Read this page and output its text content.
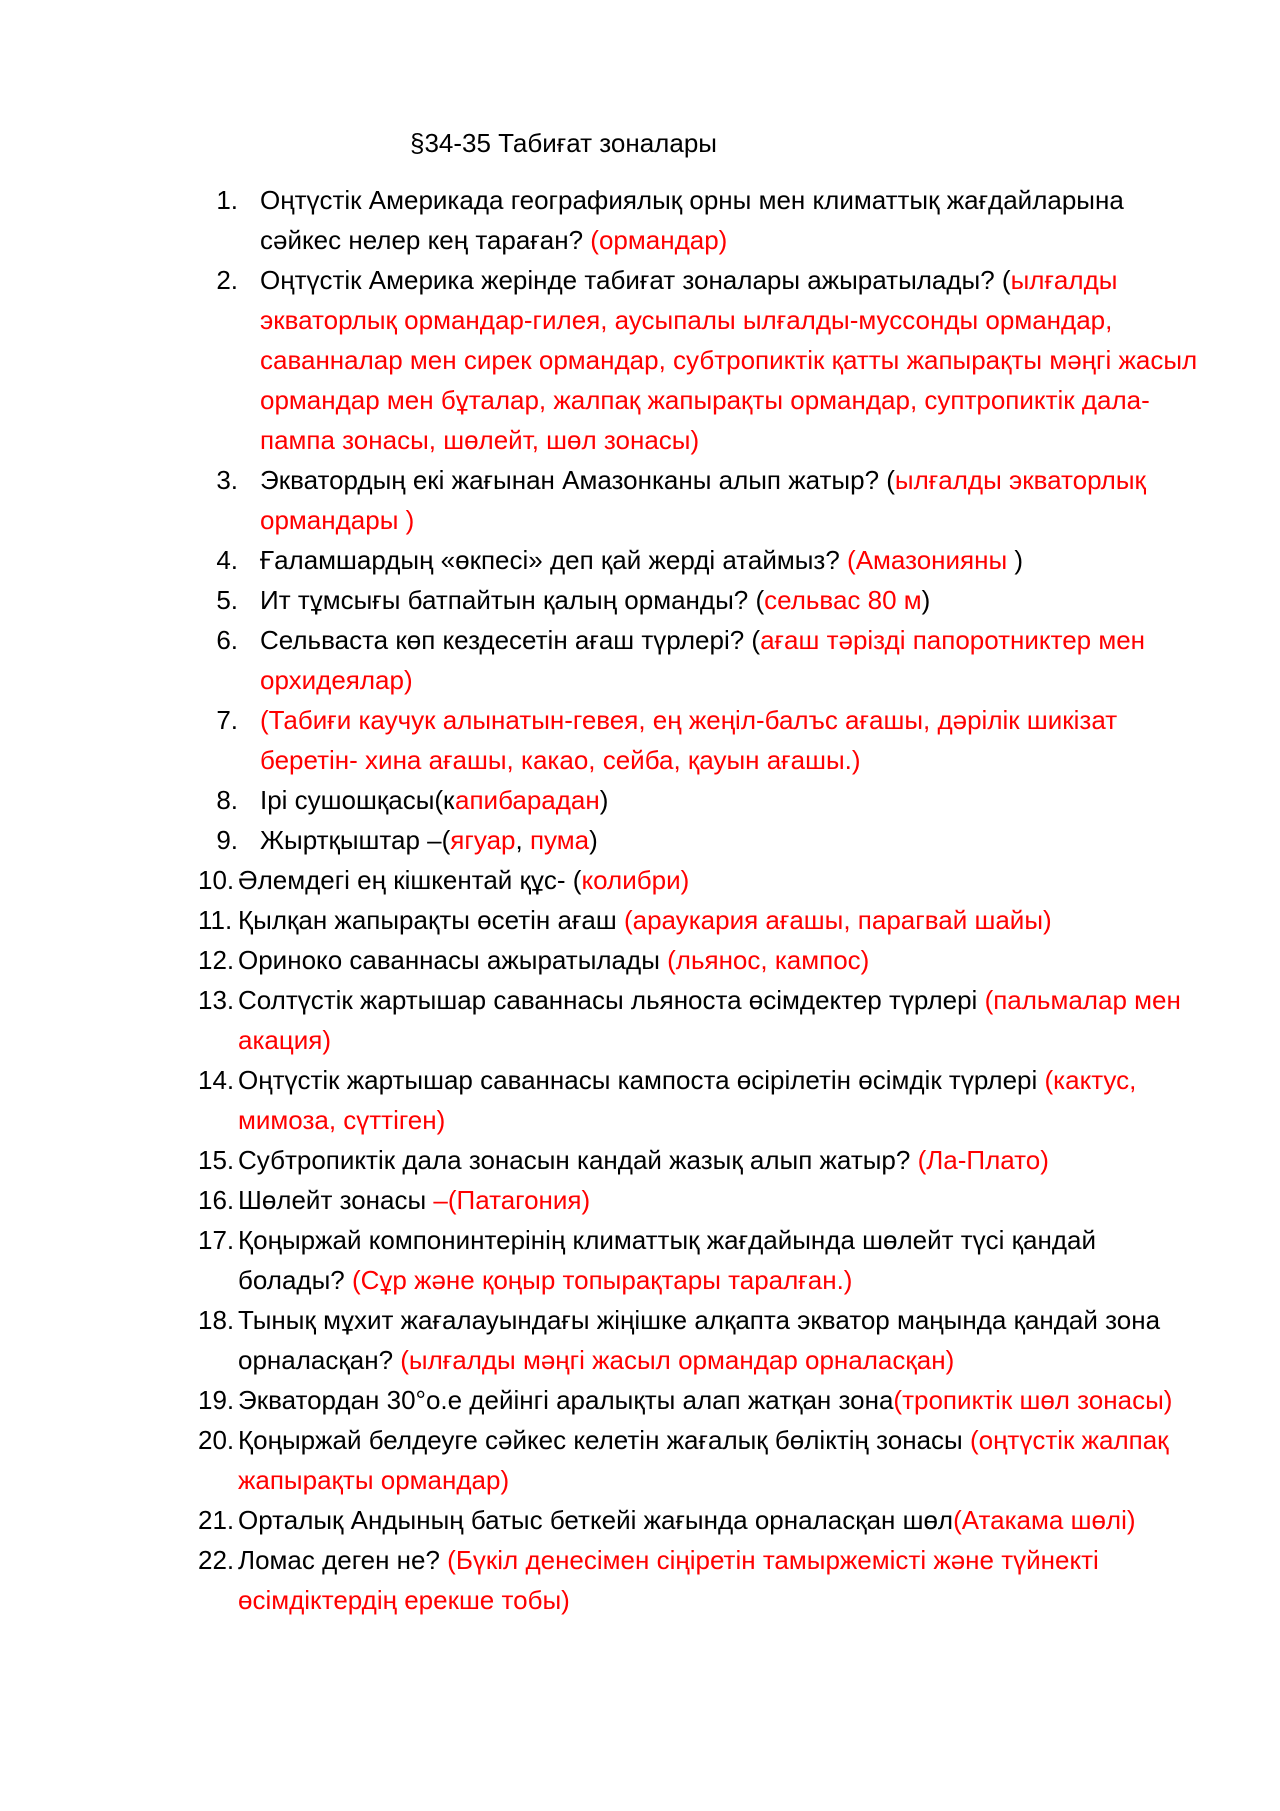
§34-35 Табиғат зоналары
1. Оңтүстік Америкада географиялық орны мен климаттық жағдайларына сәйкес нелер кең тараған? (ормандар)
2. Оңтүстік Америка жерінде табиғат зоналары ажыратылады? (ылғалды экваторлық ормандар-гилея, аусыпалы ылғалды-муссонды ормандар, саванналар мен сирек ормандар, субтропиктік қатты жапырақты мәңгі жасыл ормандар мен бұталар, жалпақ жапырақты ормандар, суптропиктік дала-пампа зонасы, шөлейт, шөл зонасы)
3. Экватордың екі жағынан Амазонканы алып жатыр? (ылғалды экваторлық ормандары )
4. Ғаламшардың «өкпесі» деп қай жерді атаймыз? (Амазонияны )
5. Ит тұмсығы батпайтын қалың орманды? (сельвас 80 м)
6. Сельваста көп кездесетін ағаш түрлері? (ағаш тәрізді папоротниктер мен орхидеялар)
7. (Табиғи каучук алынатын-гевея, ең жеңіл-балъс ағашы, дәрілік шикізат беретін- хина ағашы, какао, сейба, қауын ағашы.)
8. Ірі сушошқасы(капибарадан)
9. Жыртқыштар –(ягуар, пума)
10. Әлемдегі ең кішкентай құс- (колибри)
11. Қылқан жапырақты өсетін ағаш (араукария ағашы, парагвай шайы)
12. Ориноко саваннасы ажыратылады (льянос, кампос)
13. Солтүстік жартышар саваннасы льяноста өсімдектер түрлері (пальмалар мен акация)
14. Оңтүстік жартышар саваннасы кампоста өсірілетін өсімдік түрлері (кактус, мимоза, сүттіген)
15. Субтропиктік дала зонасын кандай жазық алып жатыр? (Ла-Плато)
16. Шөлейт зонасы –(Патагония)
17. Қоңыржай компонинтерінің климаттық жағдайында шөлейт түсі қандай болады? (Сұр және қоңыр топырақтары таралған.)
18. Тынық мұхит жағалауындағы жіңішке алқапта экватор маңында қандай зона орналасқан? (ылғалды мәңгі жасыл ормандар орналасқан)
19. Экватордан 30°о.е дейінгі аралықты алап жатқан зона(тропиктік шөл зонасы)
20. Қоңыржай белдеуге сәйкес келетін жағалық бөліктің зонасы (оңтүстік жалпақ жапырақты ормандар)
21. Орталық Андының батыс беткейі жағында орналасқан шөл(Атакама шөлі)
22. Ломас деген не? (Бүкіл денесімен сіңіретін тамыржемісті және түйнекті өсімдіктердің ерекше тобы)
